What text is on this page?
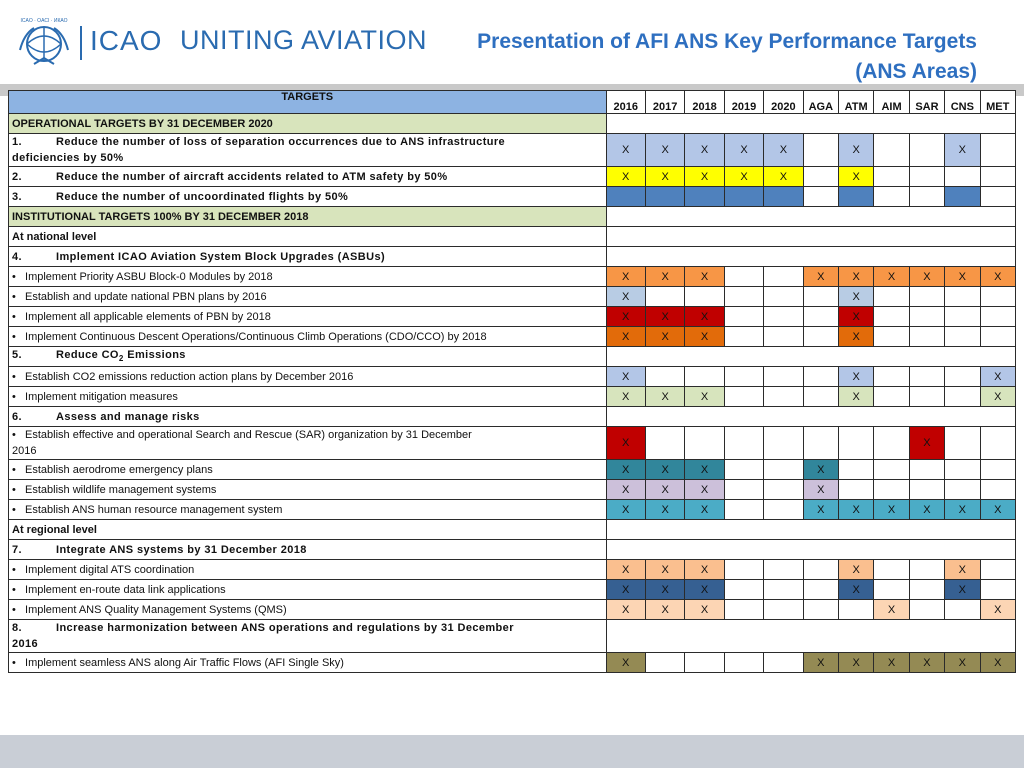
ICAO · OACI · ИКАО
ICAO UNITING AVIATION Presentation of AFI ANS Key Performance Targets
(ANS Areas)
TARGETS	2016	2017	2018	2019	2020	AGA	ATM	AIM	SAR	CNS	MET
OPERATIONAL TARGETS BY 31 DECEMBER 2020											
1. Reduce the number of loss of separation occurrences due to ANS infrastructure
deficiencies by 50%	X	X	X	X	X		X			X	
2. Reduce the number of aircraft accidents related to ATM safety by 50%	X	X	X	X	X		X				
3. Reduce the number of uncoordinated flights by 50%											
INSTITUTIONAL TARGETS 100% BY 31 DECEMBER 2018											
At national level											
4. Implement ICAO Aviation System Block Upgrades (ASBUs)											
• Implement Priority ASBU Block-0 Modules by 2018	X	X	X			X	X	X	X	X	X
• Establish and update national PBN plans by 2016	X						X				
• Implement all applicable elements of PBN by 2018	X	X	X				X				
• Implement Continuous Descent Operations/Continuous Climb Operations (CDO/CCO) by 2018	X	X	X				X				
5. Reduce $CO_2$ Emissions											
• Establish CO2 emissions reduction action plans by December 2016	X						X				X
• Implement mitigation measures	X	X	X				X				X
6. Assess and manage risks											
• Establish effective and operational Search and Rescue (SAR) organization by 31 December
2016	X								X		
• Establish aerodrome emergency plans	X	X	X			X					
• Establish wildlife management systems	X	X	X			X					
• Establish ANS human resource management system	X	X	X			X	X	X	X	X	X
At regional level											
7. Integrate ANS systems by 31 December 2018											
• Implement digital ATS coordination	X	X	X				X			X	
• Implement en-route data link applications	X	X	X				X			X	
• Implement ANS Quality Management Systems (QMS)	X	X	X					X			X
8. Increase harmonization between ANS operations and regulations by 31 December
2016											
• Implement seamless ANS along Air Traffic Flows (AFI Single Sky)	X					X	X	X	X	X	X
